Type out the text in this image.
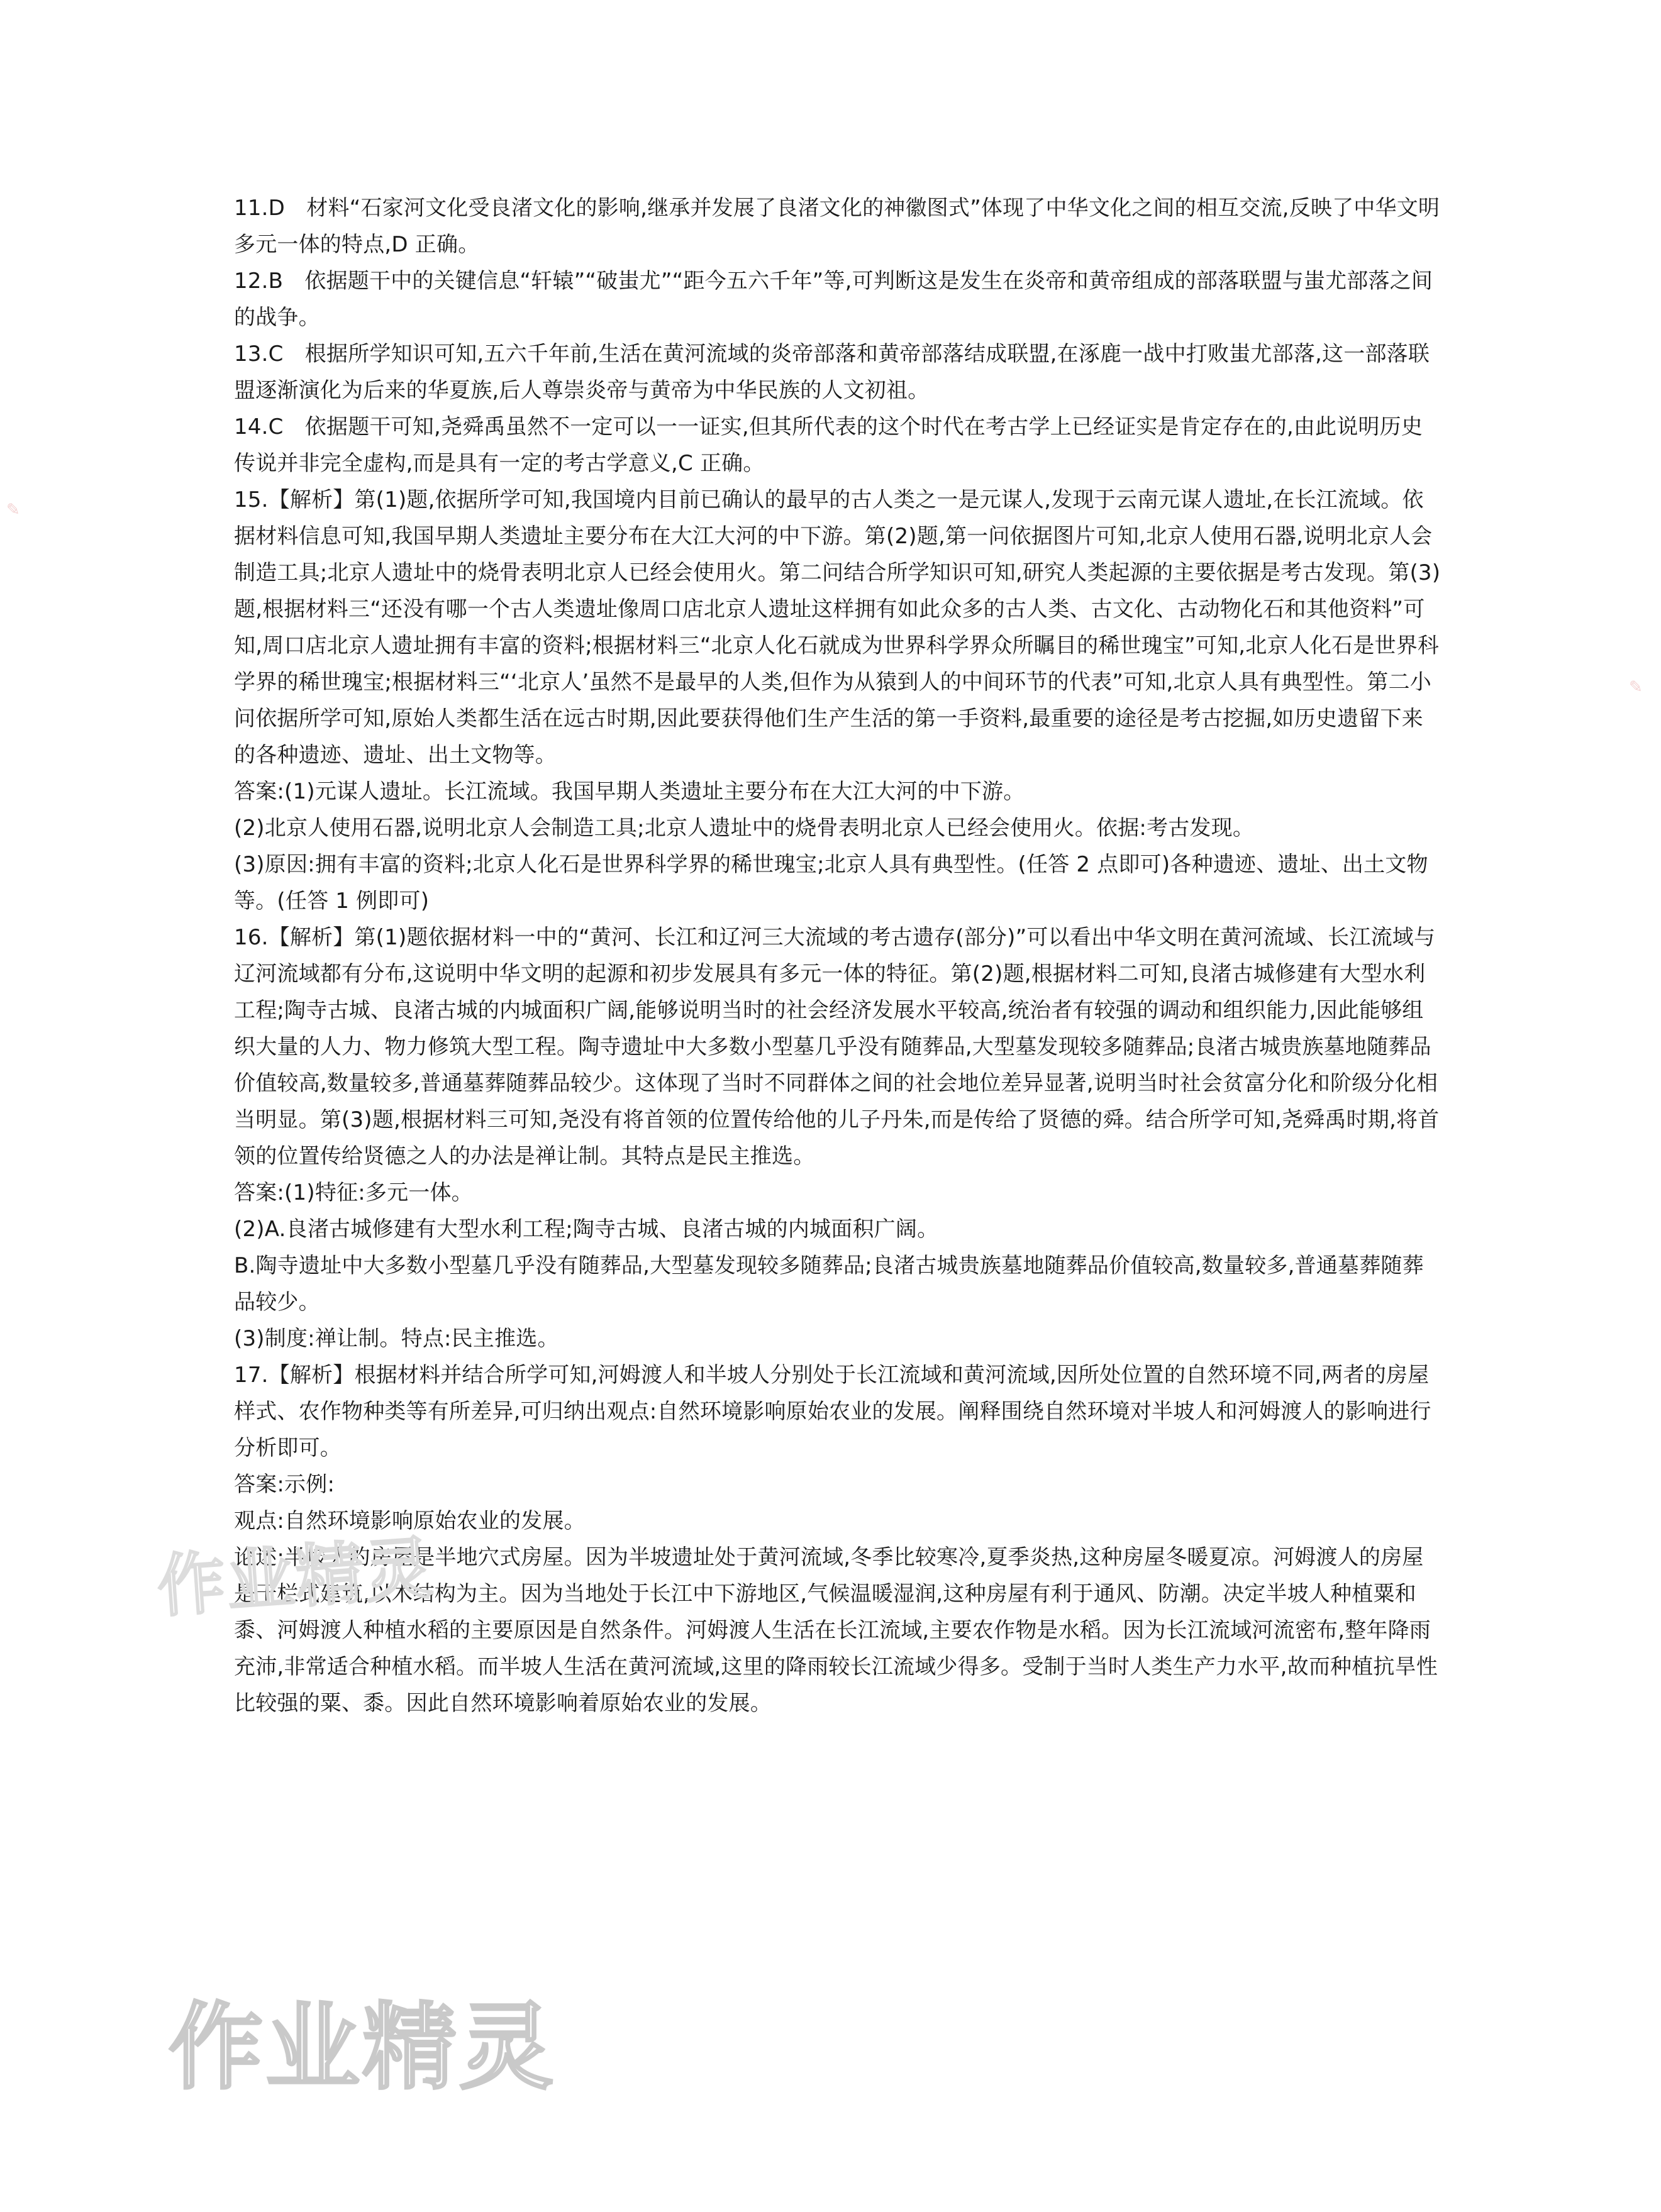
11.D　材料“石家河文化受良渚文化的影响,继承并发展了良渚文化的神徽图式”体现了中华文化之间的相互交流,反映了中华文明多元一体的特点,D 正确。

12.B　依据题干中的关键信息“轩辕”“破蚩尤”“距今五六千年”等,可判断这是发生在炎帝和黄帝组成的部落联盟与蚩尤部落之间的战争。

13.C　根据所学知识可知,五六千年前,生活在黄河流域的炎帝部落和黄帝部落结成联盟,在涿鹿一战中打败蚩尤部落,这一部落联盟逐渐演化为后来的华夏族,后人尊崇炎帝与黄帝为中华民族的人文初祖。

14.C　依据题干可知,尧舜禹虽然不一定可以一一证实,但其所代表的这个时代在考古学上已经证实是肯定存在的,由此说明历史传说并非完全虚构,而是具有一定的考古学意义,C 正确。

15.【解析】第(1)题,依据所学可知,我国境内目前已确认的最早的古人类之一是元谋人,发现于云南元谋人遗址,在长江流域。依据材料信息可知,我国早期人类遗址主要分布在大江大河的中下游。第(2)题,第一问依据图片可知,北京人使用石器,说明北京人会制造工具;北京人遗址中的烧骨表明北京人已经会使用火。第二问结合所学知识可知,研究人类起源的主要依据是考古发现。第(3)题,根据材料三“还没有哪一个古人类遗址像周口店北京人遗址这样拥有如此众多的古人类、古文化、古动物化石和其他资料”可知,周口店北京人遗址拥有丰富的资料;根据材料三“北京人化石就成为世界科学界众所瞩目的稀世瑰宝”可知,北京人化石是世界科学界的稀世瑰宝;根据材料三“‘北京人’虽然不是最早的人类,但作为从猿到人的中间环节的代表”可知,北京人具有典型性。第二小问依据所学可知,原始人类都生活在远古时期,因此要获得他们生产生活的第一手资料,最重要的途径是考古挖掘,如历史遗留下来的各种遗迹、遗址、出土文物等。

答案:(1)元谋人遗址。长江流域。我国早期人类遗址主要分布在大江大河的中下游。

(2)北京人使用石器,说明北京人会制造工具;北京人遗址中的烧骨表明北京人已经会使用火。依据:考古发现。

(3)原因:拥有丰富的资料;北京人化石是世界科学界的稀世瑰宝;北京人具有典型性。(任答 2 点即可)各种遗迹、遗址、出土文物等。(任答 1 例即可)

16.【解析】第(1)题依据材料一中的“黄河、长江和辽河三大流域的考古遗存(部分)”可以看出中华文明在黄河流域、长江流域与辽河流域都有分布,这说明中华文明的起源和初步发展具有多元一体的特征。第(2)题,根据材料二可知,良渚古城修建有大型水利工程;陶寺古城、良渚古城的内城面积广阔,能够说明当时的社会经济发展水平较高,统治者有较强的调动和组织能力,因此能够组织大量的人力、物力修筑大型工程。陶寺遗址中大多数小型墓几乎没有随葬品,大型墓发现较多随葬品;良渚古城贵族墓地随葬品价值较高,数量较多,普通墓葬随葬品较少。这体现了当时不同群体之间的社会地位差异显著,说明当时社会贫富分化和阶级分化相当明显。第(3)题,根据材料三可知,尧没有将首领的位置传给他的儿子丹朱,而是传给了贤德的舜。结合所学可知,尧舜禹时期,将首领的位置传给贤德之人的办法是禅让制。其特点是民主推选。

答案:(1)特征:多元一体。

(2)A.良渚古城修建有大型水利工程;陶寺古城、良渚古城的内城面积广阔。

B.陶寺遗址中大多数小型墓几乎没有随葬品,大型墓发现较多随葬品;良渚古城贵族墓地随葬品价值较高,数量较多,普通墓葬随葬品较少。

(3)制度:禅让制。特点:民主推选。

17.【解析】根据材料并结合所学可知,河姆渡人和半坡人分别处于长江流域和黄河流域,因所处位置的自然环境不同,两者的房屋样式、农作物种类等有所差异,可归纳出观点:自然环境影响原始农业的发展。阐释围绕自然环境对半坡人和河姆渡人的影响进行分析即可。

答案:示例:

观点:自然环境影响原始农业的发展。

论述:半坡人的房屋是半地穴式房屋。因为半坡遗址处于黄河流域,冬季比较寒冷,夏季炎热,这种房屋冬暖夏凉。河姆渡人的房屋是干栏式建筑,以木结构为主。因为当地处于长江中下游地区,气候温暖湿润,这种房屋有利于通风、防潮。决定半坡人种植粟和黍、河姆渡人种植水稻的主要原因是自然条件。河姆渡人生活在长江流域,主要农作物是水稻。因为长江流域河流密布,整年降雨充沛,非常适合种植水稻。而半坡人生活在黄河流域,这里的降雨较长江流域少得多。受制于当时人类生产力水平,故而种植抗旱性比较强的粟、黍。因此自然环境影响着原始农业的发展。

作业精灵
作业精灵
✎
✎
